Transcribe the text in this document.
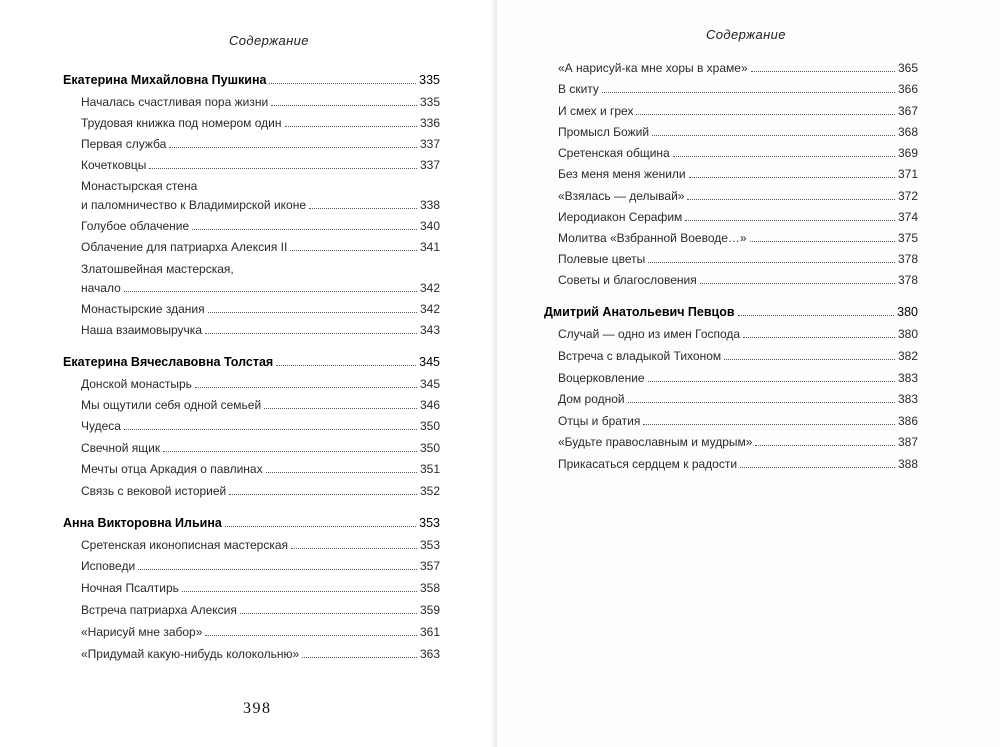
Содержание
Екатерина Михайловна Пушкина	335
Началась счастливая пора жизни	335
Трудовая книжка под номером один	336
Первая служба	337
Кочетковцы	337
Монастырская стена
и паломничество к Владимирской иконе	338
Голубое облачение	340
Облачение для патриарха Алексия II	341
Златошвейная мастерская,
начало	342
Монастырские здания	342
Наша взаимовыручка	343
Екатерина Вячеславовна Толстая	345
Донской монастырь	345
Мы ощутили себя одной семьей	346
Чудеса	350
Свечной ящик	350
Мечты отца Аркадия о павлинах	351
Связь с вековой историей	352
Анна Викторовна Ильина	353
Сретенская иконописная мастерская	353
Исповеди	357
Ночная Псалтирь	358
Встреча патриарха Алексия	359
«Нарисуй мне забор»	361
«Придумай какую-нибудь колокольню»	363
398
Содержание
«А нарисуй-ка мне хоры в храме»	365
В скиту	366
И смех и грех	367
Промысл Божий	368
Сретенская община	369
Без меня меня женили	371
«Взялась — делывай»	372
Иеродиакон Серафим	374
Молитва «Взбранной Воеводе…»	375
Полевые цветы	378
Советы и благословения	378
Дмитрий Анатольевич Певцов	380
Случай — одно из имен Господа	380
Встреча с владыкой Тихоном	382
Воцерковление	383
Дом родной	383
Отцы и братия	386
«Будьте православным и мудрым»	387
Прикасаться сердцем к радости	388
